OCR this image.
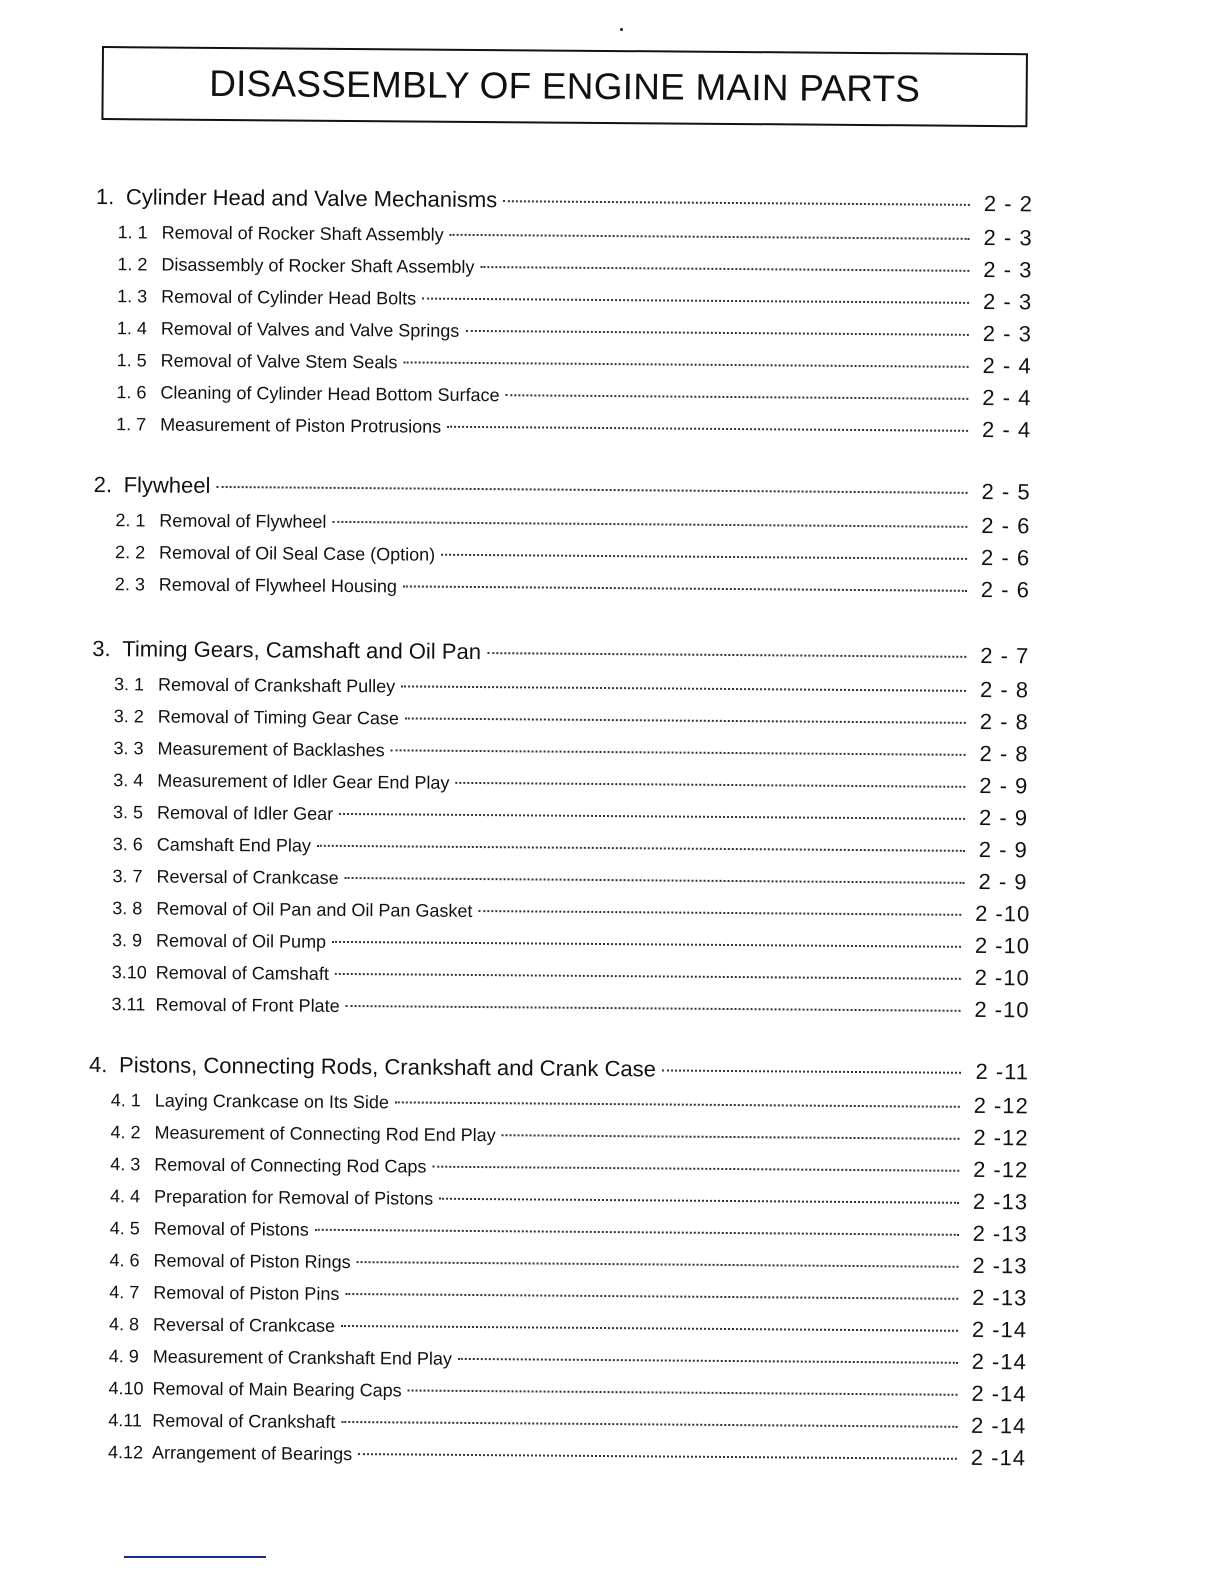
DISASSEMBLY OF ENGINE MAIN PARTS
1. Cylinder Head and Valve Mechanisms	2 - 2
1. 1 Removal of Rocker Shaft Assembly	2 - 3
1. 2 Disassembly of Rocker Shaft Assembly	2 - 3
1. 3 Removal of Cylinder Head Bolts	2 - 3
1. 4 Removal of Valves and Valve Springs	2 - 3
1. 5 Removal of Valve Stem Seals	2 - 4
1. 6 Cleaning of Cylinder Head Bottom Surface	2 - 4
1. 7 Measurement of Piston Protrusions	2 - 4
2. Flywheel	2 - 5
2. 1 Removal of Flywheel	2 - 6
2. 2 Removal of Oil Seal Case (Option)	2 - 6
2. 3 Removal of Flywheel Housing	2 - 6
3. Timing Gears, Camshaft and Oil Pan	2 - 7
3. 1 Removal of Crankshaft Pulley	2 - 8
3. 2 Removal of Timing Gear Case	2 - 8
3. 3 Measurement of Backlashes	2 - 8
3. 4 Measurement of Idler Gear End Play	2 - 9
3. 5 Removal of Idler Gear	2 - 9
3. 6 Camshaft End Play	2 - 9
3. 7 Reversal of Crankcase	2 - 9
3. 8 Removal of Oil Pan and Oil Pan Gasket	2 -10
3. 9 Removal of Oil Pump	2 -10
3.10 Removal of Camshaft	2 -10
3.11 Removal of Front Plate	2 -10
4. Pistons, Connecting Rods, Crankshaft and Crank Case	2 -11
4. 1 Laying Crankcase on Its Side	2 -12
4. 2 Measurement of Connecting Rod End Play	2 -12
4. 3 Removal of Connecting Rod Caps	2 -12
4. 4 Preparation for Removal of Pistons	2 -13
4. 5 Removal of Pistons	2 -13
4. 6 Removal of Piston Rings	2 -13
4. 7 Removal of Piston Pins	2 -13
4. 8 Reversal of Crankcase	2 -14
4. 9 Measurement of Crankshaft End Play	2 -14
4.10 Removal of Main Bearing Caps	2 -14
4.11 Removal of Crankshaft	2 -14
4.12 Arrangement of Bearings	2 -14
